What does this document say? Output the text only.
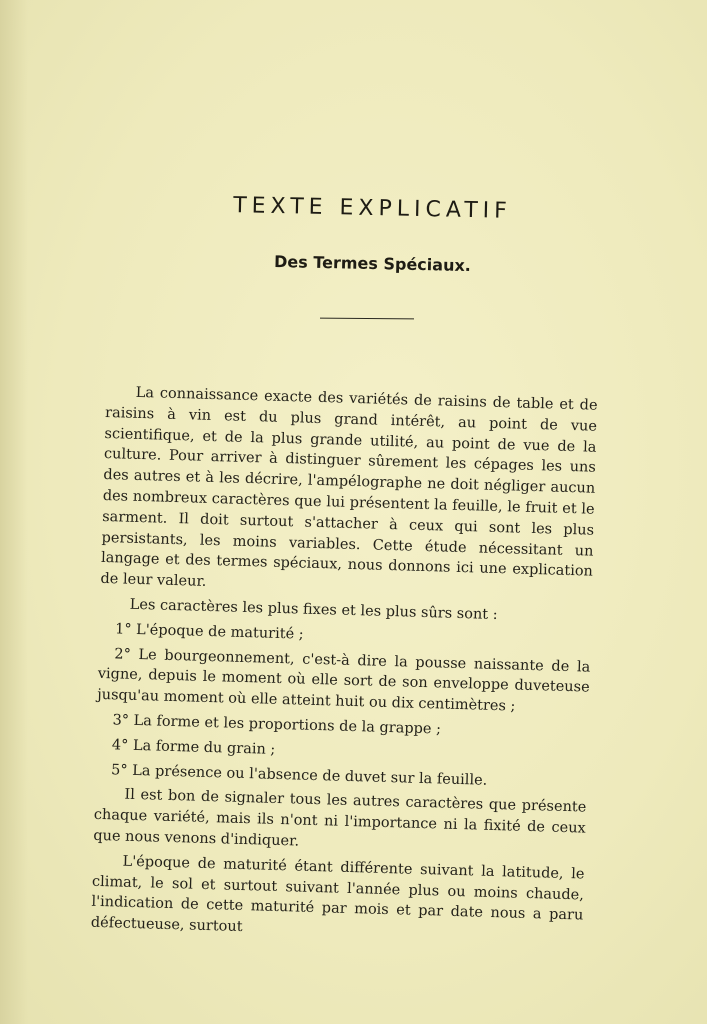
TEXTE EXPLICATIF
Des Termes Spéciaux.

La connaissance exacte des variétés de raisins de table et de raisins à vin est du plus grand intérêt, au point de vue scientifique, et de la plus grande utilité, au point de vue de la culture. Pour arriver à distinguer sûrement les cépages les uns des autres et à les décrire, l'ampélographe ne doit négliger aucun des nombreux caractères que lui présentent la feuille, le fruit et le sarment. Il doit surtout s'attacher à ceux qui sont les plus persistants, les moins variables. Cette étude nécessitant un langage et des termes spéciaux, nous donnons ici une explication de leur valeur.

Les caractères les plus fixes et les plus sûrs sont :

1° L'époque de maturité ;

2° Le bourgeonnement, c'est-à dire la pousse naissante de la vigne, depuis le moment où elle sort de son enveloppe duveteuse jusqu'au moment où elle atteint huit ou dix centimètres ;

3° La forme et les proportions de la grappe ;

4° La forme du grain ;

5° La présence ou l'absence de duvet sur la feuille.

Il est bon de signaler tous les autres caractères que présente chaque variété, mais ils n'ont ni l'importance ni la fixité de ceux que nous venons d'indiquer.

L'époque de maturité étant différente suivant la latitude, le climat, le sol et surtout suivant l'année plus ou moins chaude, l'indication de cette maturité par mois et par date nous a paru défectueuse, surtout
